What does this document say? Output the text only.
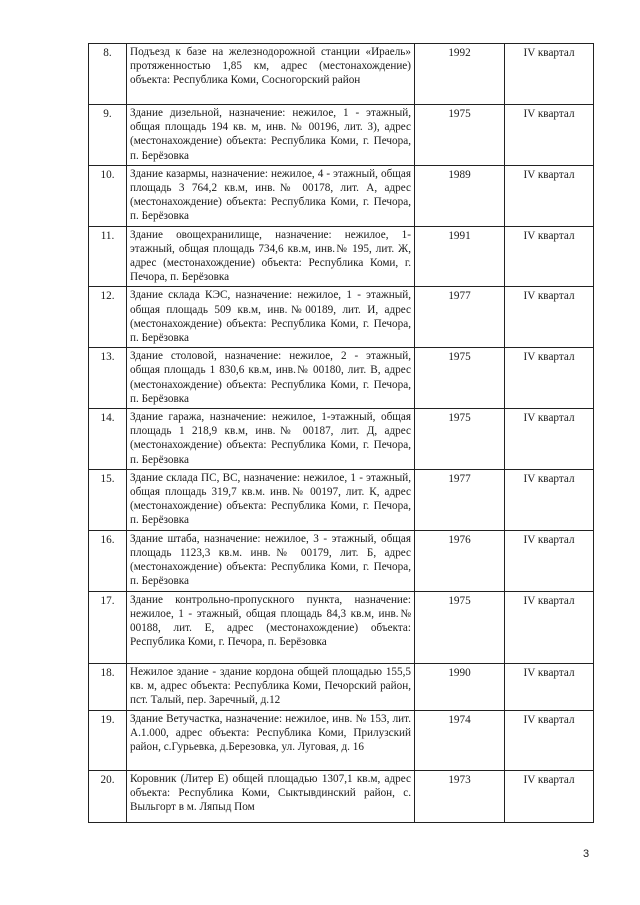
8.	Подъезд к базе на железнодорожной станции «Ираель» протяженностью 1,85 км, адрес (местонахождение) объекта: Республика Коми, Сосногорский район	1992	IV квартал
9.	Здание дизельной, назначение: нежилое, 1 - этажный, общая площадь 194 кв. м, инв. № 00196, лит. З), адрес (местонахождение) объекта: Республика Коми, г. Печора, п. Берёзовка	1975	IV квартал
10.	Здание казармы, назначение: нежилое, 4 - этажный, общая площадь 3 764,2 кв.м, инв.№ 00178, лит. А, адрес (местонахождение) объекта: Республика Коми, г. Печора, п. Берёзовка	1989	IV квартал
11.	Здание овощехранилище, назначение: нежилое, 1-этажный, общая площадь 734,6 кв.м, инв.№ 195, лит. Ж, адрес (местонахождение) объекта: Республика Коми, г. Печора, п. Берёзовка	1991	IV квартал
12.	Здание склада КЭС, назначение: нежилое, 1 - этажный, общая площадь 509 кв.м, инв.№00189, лит. И, адрес (местонахождение) объекта: Республика Коми, г. Печора, п. Берёзовка	1977	IV квартал
13.	Здание столовой, назначение: нежилое, 2 - этажный, общая площадь 1 830,6 кв.м, инв.№ 00180, лит. В, адрес (местонахождение) объекта: Республика Коми, г. Печора, п. Берёзовка	1975	IV квартал
14.	Здание гаража, назначение: нежилое, 1-этажный, общая площадь 1 218,9 кв.м, инв.№ 00187, лит. Д, адрес (местонахождение) объекта: Республика Коми, г. Печора, п. Берёзовка	1975	IV квартал
15.	Здание склада ПС, ВС, назначение: нежилое, 1 - этажный, общая площадь 319,7 кв.м. инв.№ 00197, лит. К, адрес (местонахождение) объекта: Республика Коми, г. Печора, п. Берёзовка	1977	IV квартал
16.	Здание штаба, назначение: нежилое, 3 - этажный, общая площадь 1123,3 кв.м. инв.№ 00179, лит. Б, адрес (местонахождение) объекта: Республика Коми, г. Печора, п. Берёзовка	1976	IV квартал
17.	Здание контрольно-пропускного пункта, назначение: нежилое, 1 - этажный, общая площадь 84,3 кв.м, инв.№ 00188, лит. Е, адрес (местонахождение) объекта: Республика Коми, г. Печора, п. Берёзовка	1975	IV квартал
18.	Нежилое здание - здание кордона общей площадью 155,5 кв. м, адрес объекта: Республика Коми, Печорский район, пст. Талый, пер. Заречный, д.12	1990	IV квартал
19.	Здание Ветучастка, назначение: нежилое, инв. № 153, лит. А.1.000, адрес объекта: Республика Коми, Прилузский район, с.Гурьевка, д.Березовка, ул. Луговая, д. 16	1974	IV квартал
20.	Коровник (Литер Е) общей площадью 1307,1 кв.м, адрес объекта: Республика Коми, Сыктывдинский район, с. Выльгорт в м. Ляпыд Пом	1973	IV квартал
3
